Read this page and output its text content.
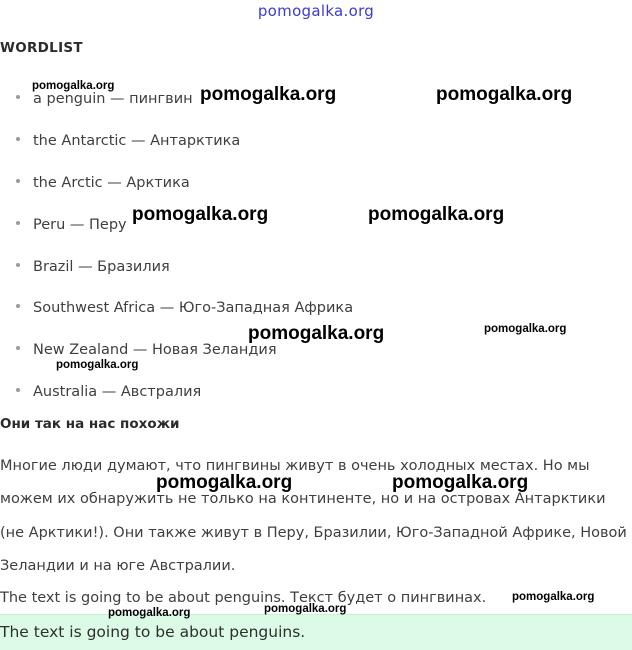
pomogalka.org
WORDLIST
a penguin — пингвин
the Antarctic — Антарктика
the Arctic — Арктика
Peru — Перу
Brazil — Бразилия
Southwest Africa — Юго-Западная Африка
New Zealand — Новая Зеландия
Australia — Австралия
Они так на нас похожи
Многие люди думают, что пингвины живут в очень холодных местах. Но мы
можем их обнаружить не только на континенте, но и на островах Антарктики
(не Арктики!). Они также живут в Перу, Бразилии, Юго-Западной Африке, Новой
Зеландии и на юге Австралии.
The text is going to be about penguins. Текст будет о пингвинах.
The text is going to be about penguins.
pomogalka.org	pomogalka.org	pomogalka.org
pomogalka.org	pomogalka.org
pomogalka.org	pomogalka.org
pomogalka.org
pomogalka.org	pomogalka.org
pomogalka.org
pomogalka.org	pomogalka.org
